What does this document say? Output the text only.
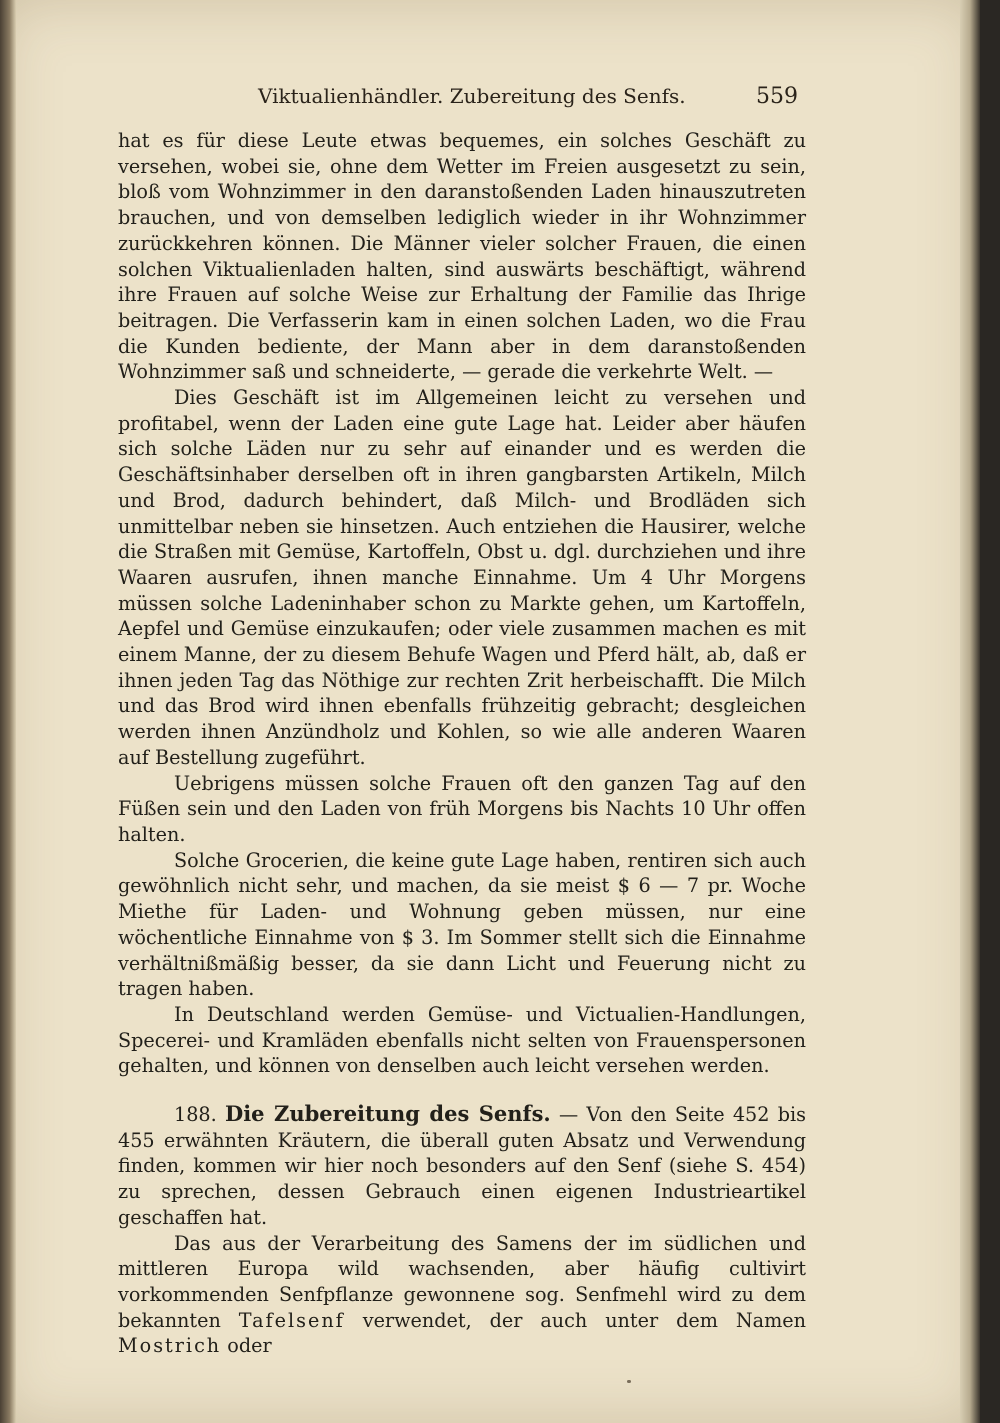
Viktualienhändler. Zubereitung des Senfs.	559

hat es für diese Leute etwas bequemes, ein solches Geschäft zu versehen, wobei sie, ohne dem Wetter im Freien ausgesetzt zu sein, bloß vom Wohnzimmer in den daranstoßenden Laden hinauszutreten brauchen, und von demselben lediglich wieder in ihr Wohnzimmer zurückkehren können. Die Männer vieler solcher Frauen, die einen solchen Viktualienladen halten, sind auswärts beschäftigt, während ihre Frauen auf solche Weise zur Erhaltung der Familie das Ihrige beitragen. Die Verfasserin kam in einen solchen Laden, wo die Frau die Kunden bediente, der Mann aber in dem daranstoßenden Wohnzimmer saß und schneiderte, — gerade die verkehrte Welt. —

Dies Geschäft ist im Allgemeinen leicht zu versehen und profitabel, wenn der Laden eine gute Lage hat. Leider aber häufen sich solche Läden nur zu sehr auf einander und es werden die Geschäftsinhaber derselben oft in ihren gangbarsten Artikeln, Milch und Brod, dadurch behindert, daß Milch- und Brodläden sich unmittelbar neben sie hinsetzen. Auch entziehen die Hausirer, welche die Straßen mit Gemüse, Kartoffeln, Obst u. dgl. durchziehen und ihre Waaren ausrufen, ihnen manche Einnahme. Um 4 Uhr Morgens müssen solche Ladeninhaber schon zu Markte gehen, um Kartoffeln, Aepfel und Gemüse einzukaufen; oder viele zusammen machen es mit einem Manne, der zu diesem Behufe Wagen und Pferd hält, ab, daß er ihnen jeden Tag das Nöthige zur rechten Zrit herbeischafft. Die Milch und das Brod wird ihnen ebenfalls frühzeitig gebracht; desgleichen werden ihnen Anzündholz und Kohlen, so wie alle anderen Waaren auf Bestellung zugeführt.

Uebrigens müssen solche Frauen oft den ganzen Tag auf den Füßen sein und den Laden von früh Morgens bis Nachts 10 Uhr offen halten.

Solche Grocerien, die keine gute Lage haben, rentiren sich auch gewöhnlich nicht sehr, und machen, da sie meist $ 6 — 7 pr. Woche Miethe für Laden- und Wohnung geben müssen, nur eine wöchentliche Einnahme von $ 3. Im Sommer stellt sich die Einnahme verhältnißmäßig besser, da sie dann Licht und Feuerung nicht zu tragen haben.

In Deutschland werden Gemüse- und Victualien-Handlungen, Specerei- und Kramläden ebenfalls nicht selten von Frauenspersonen gehalten, und können von denselben auch leicht versehen werden.

188. Die Zubereitung des Senfs. — Von den Seite 452 bis 455 erwähnten Kräutern, die überall guten Absatz und Verwendung finden, kommen wir hier noch besonders auf den Senf (siehe S. 454) zu sprechen, dessen Gebrauch einen eigenen Industrieartikel geschaffen hat.

Das aus der Verarbeitung des Samens der im südlichen und mittleren Europa wild wachsenden, aber häufig cultivirt vorkommenden Senfpflanze gewonnene sog. Senfmehl wird zu dem bekannten Tafelsenf verwendet, der auch unter dem Namen Mostrich oder
